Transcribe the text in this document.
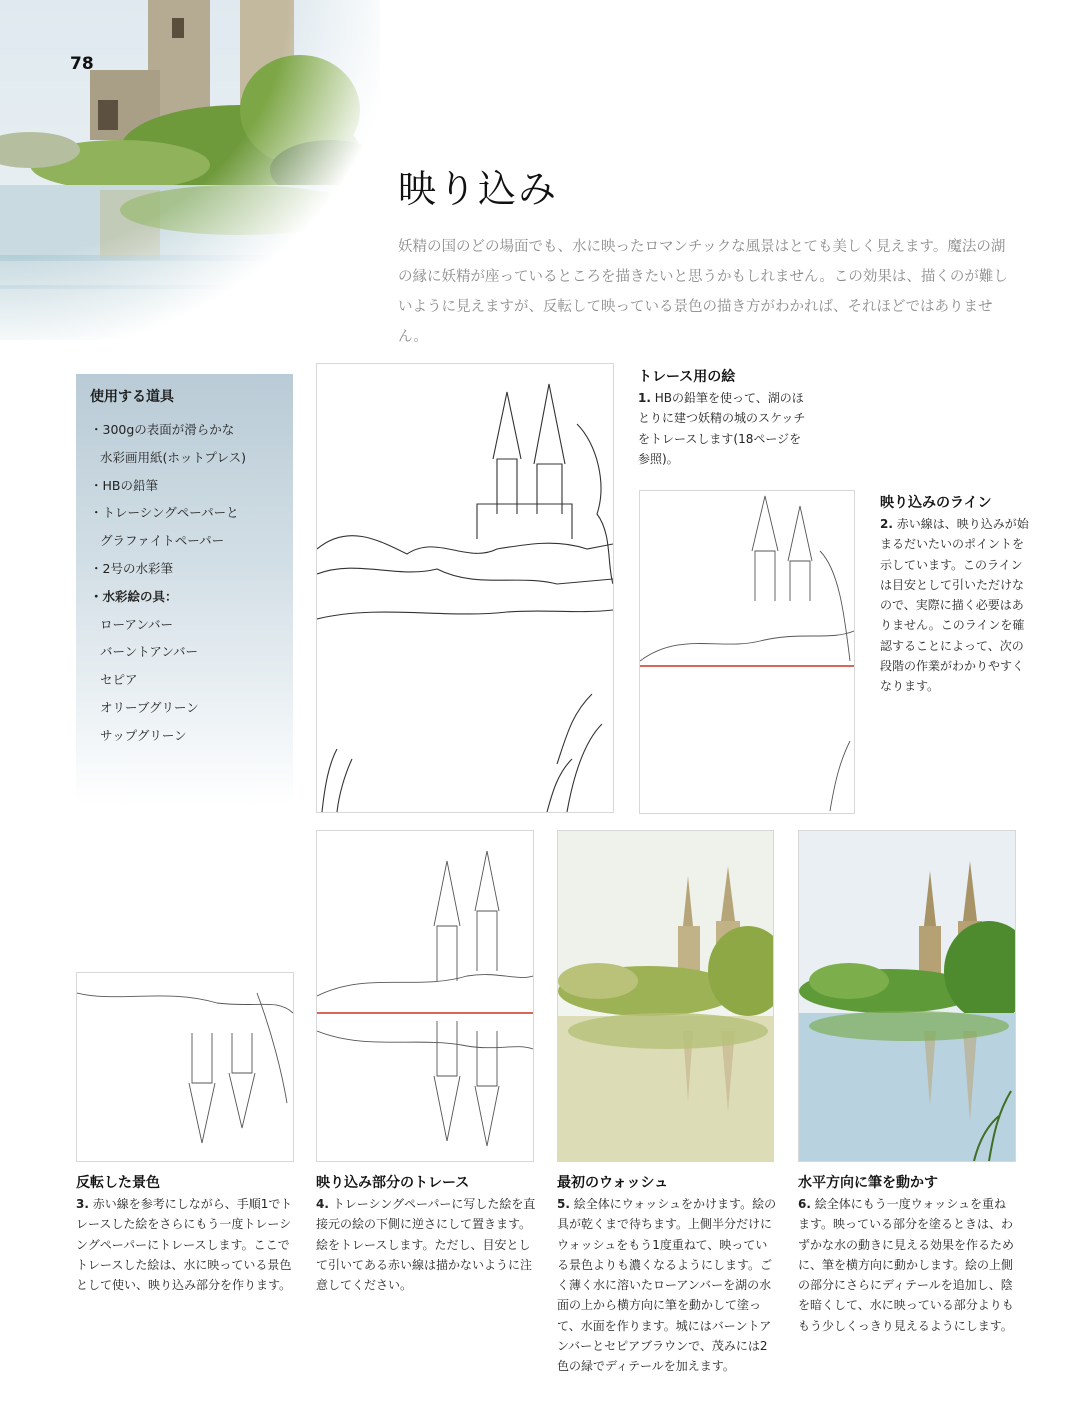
78
映り込み
妖精の国のどの場面でも、水に映ったロマンチックな風景はとても美しく見えます。魔法の湖の縁に妖精が座っているところを描きたいと思うかもしれません。この効果は、描くのが難しいように見えますが、反転して映っている景色の描き方がわかれば、それほどではありません。
使用する道具
・300gの表面が滑らかな
水彩画用紙(ホットプレス)
・HBの鉛筆
・トレーシングペーパーと
グラファイトペーパー
・2号の水彩筆
・水彩絵の具：
ローアンバー
バーントアンバー
セピア
オリーブグリーン
サップグリーン
トレース用の絵
1. HBの鉛筆を使って、湖のほとりに建つ妖精の城のスケッチをトレースします(18ページを参照)。
映り込みのライン
2. 赤い線は、映り込みが始まるだいたいのポイントを示しています。このラインは目安として引いただけなので、実際に描く必要はありません。このラインを確認することによって、次の段階の作業がわかりやすくなります。
反転した景色
3. 赤い線を参考にしながら、手順1でトレースした絵をさらにもう一度トレーシングペーパーにトレースします。ここでトレースした絵は、水に映っている景色として使い、映り込み部分を作ります。
映り込み部分のトレース
4. トレーシングペーパーに写した絵を直接元の絵の下側に逆さにして置きます。絵をトレースします。ただし、目安として引いてある赤い線は描かないように注意してください。
最初のウォッシュ
5. 絵全体にウォッシュをかけます。絵の具が乾くまで待ちます。上側半分だけにウォッシュをもう1度重ねて、映っている景色よりも濃くなるようにします。ごく薄く水に溶いたローアンバーを湖の水面の上から横方向に筆を動かして塗って、水面を作ります。城にはバーントアンバーとセピアブラウンで、茂みには2色の緑でディテールを加えます。
水平方向に筆を動かす
6. 絵全体にもう一度ウォッシュを重ねます。映っている部分を塗るときは、わずかな水の動きに見える効果を作るために、筆を横方向に動かします。絵の上側の部分にさらにディテールを追加し、陰を暗くして、水に映っている部分よりももう少しくっきり見えるようにします。
